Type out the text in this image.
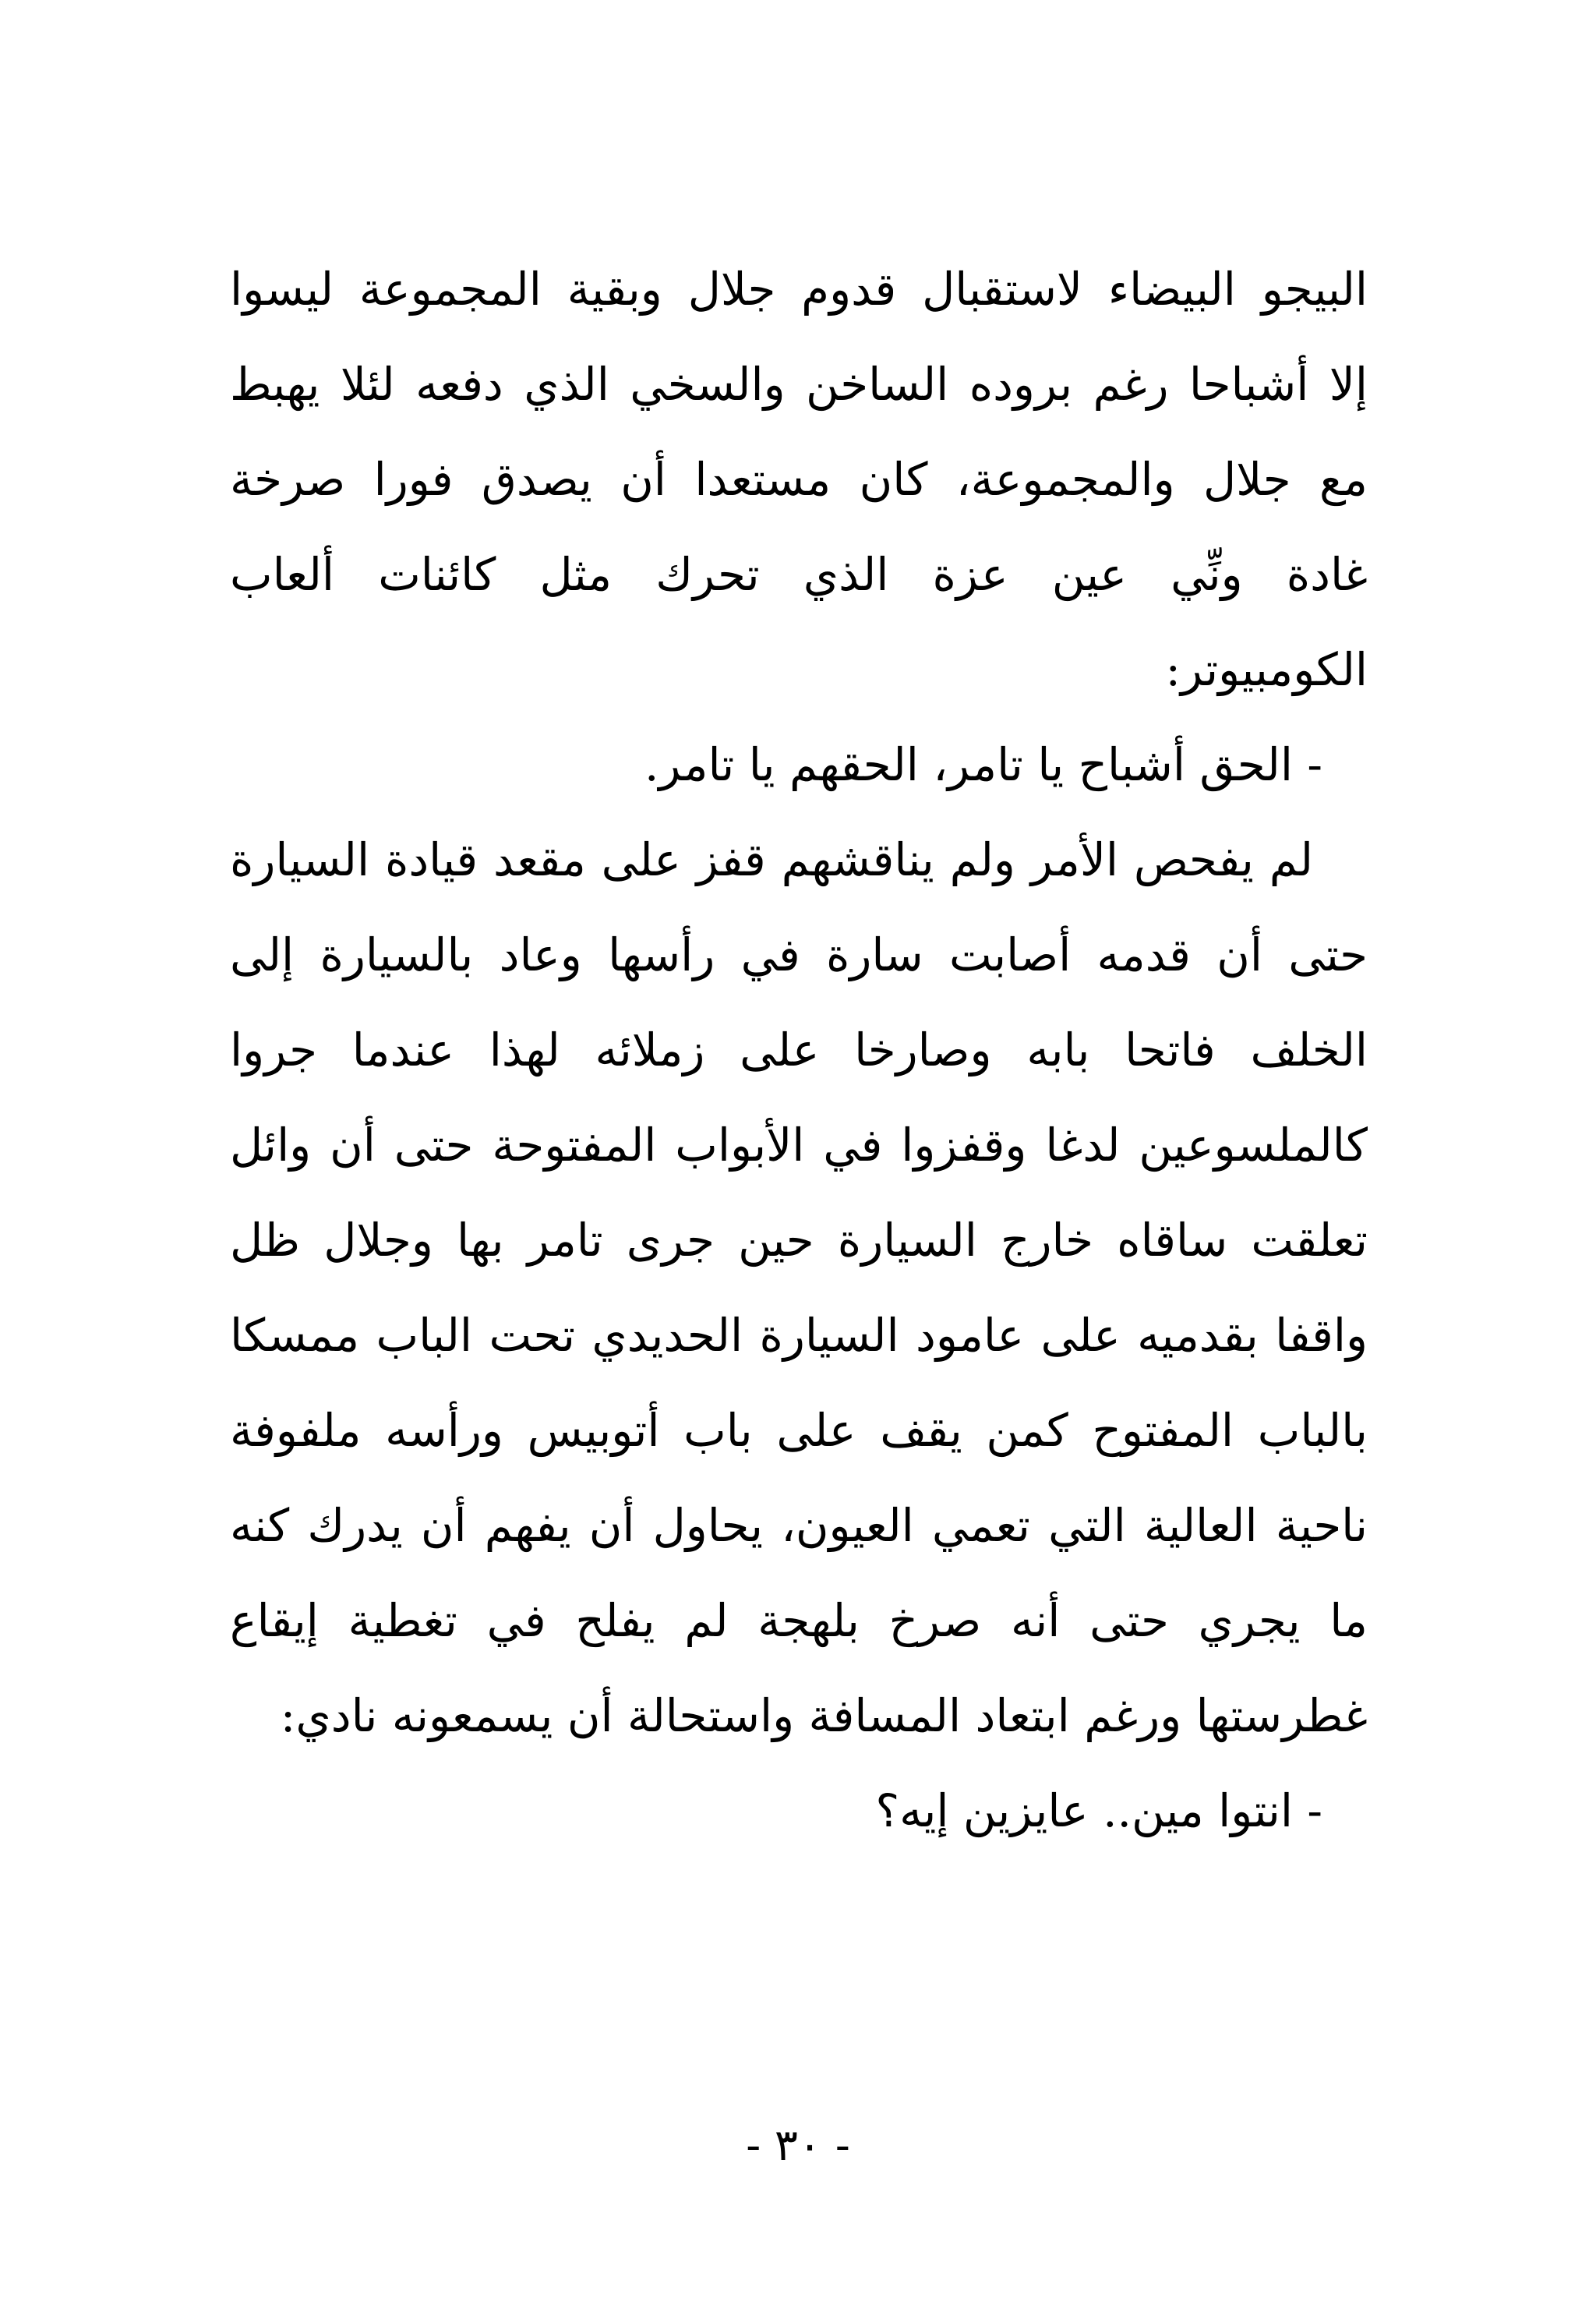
البيجو البيضاء لاستقبال قدوم جلال وبقية المجموعة ليسوا
إلا أشباحا رغم بروده الساخن والسخي الذي دفعه لئلا يهبط
مع جلال والمجموعة، كان مستعدا أن يصدق فورا صرخة
غادة ونِّي عين عزة الذي تحرك مثل كائنات ألعاب
الكومبيوتر:
- الحق أشباح يا تامر، الحقهم يا تامر.
لم يفحص الأمر ولم يناقشهم قفز على مقعد قيادة السيارة
حتى أن قدمه أصابت سارة في رأسها وعاد بالسيارة إلى
الخلف فاتحا بابه وصارخا على زملائه لهذا عندما جروا
كالملسوعين لدغا وقفزوا في الأبواب المفتوحة حتى أن وائل
تعلقت ساقاه خارج السيارة حين جرى تامر بها وجلال ظل
واقفا بقدميه على عامود السيارة الحديدي تحت الباب ممسكا
بالباب المفتوح كمن يقف على باب أتوبيس ورأسه ملفوفة
ناحية العالية التي تعمي العيون، يحاول أن يفهم أن يدرك كنه
ما يجري حتى أنه صرخ بلهجة لم يفلح في تغطية إيقاع
غطرستها ورغم ابتعاد المسافة واستحالة أن يسمعونه نادي:
- انتوا مين.. عايزين إيه؟
- ٣٠ -
